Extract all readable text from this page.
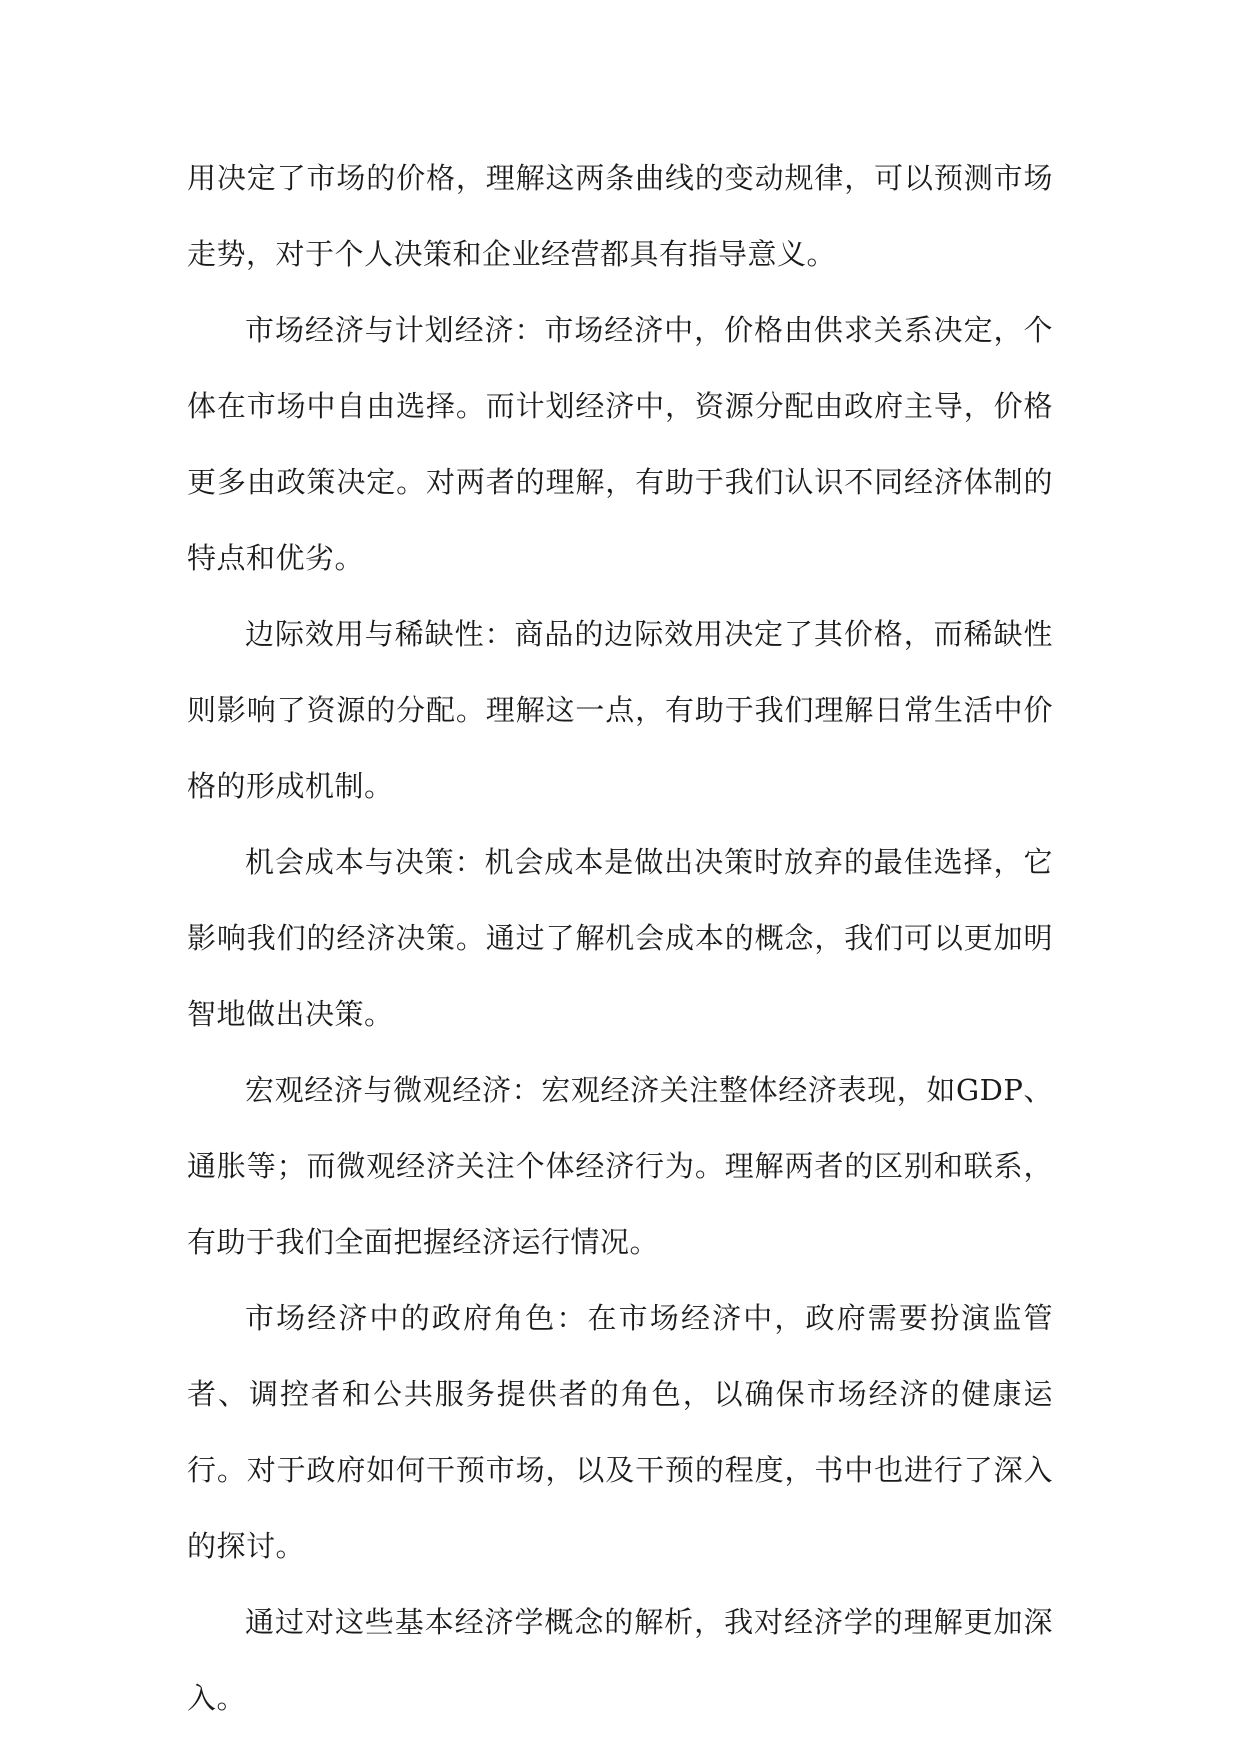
用决定了市场的价格，理解这两条曲线的变动规律，可以预测市场走势，对于个人决策和企业经营都具有指导意义。

市场经济与计划经济：市场经济中，价格由供求关系决定，个体在市场中自由选择。而计划经济中，资源分配由政府主导，价格更多由政策决定。对两者的理解，有助于我们认识不同经济体制的特点和优劣。

边际效用与稀缺性：商品的边际效用决定了其价格，而稀缺性则影响了资源的分配。理解这一点，有助于我们理解日常生活中价格的形成机制。

机会成本与决策：机会成本是做出决策时放弃的最佳选择，它影响我们的经济决策。通过了解机会成本的概念，我们可以更加明智地做出决策。

宏观经济与微观经济：宏观经济关注整体经济表现，如GDP、通胀等；而微观经济关注个体经济行为。理解两者的区别和联系，有助于我们全面把握经济运行情况。

市场经济中的政府角色：在市场经济中，政府需要扮演监管者、调控者和公共服务提供者的角色，以确保市场经济的健康运行。对于政府如何干预市场，以及干预的程度，书中也进行了深入的探讨。

通过对这些基本经济学概念的解析，我对经济学的理解更加深入。
